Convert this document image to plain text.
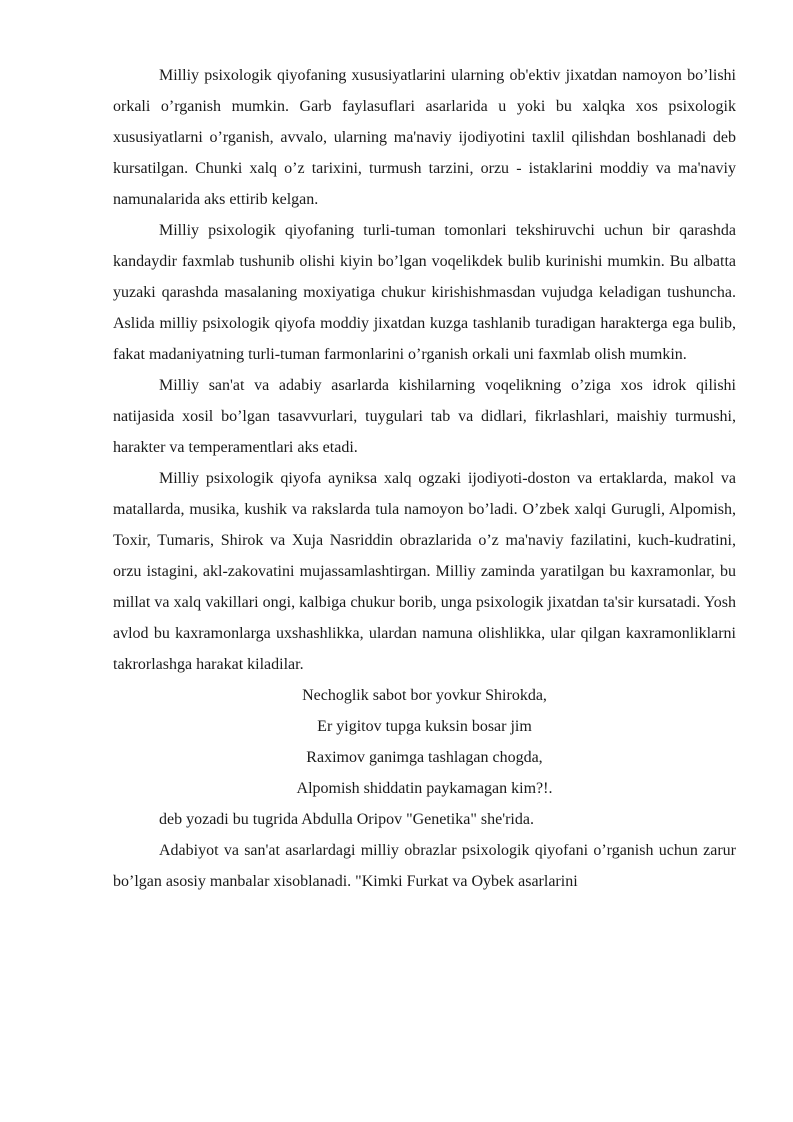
Milliy psixologik qiyofaning xususiyatlarini ularning ob'ektiv jixatdan namoyon bo’lishi orkali o’rganish mumkin. Garb faylasuflari asarlarida u yoki bu xalqka xos psixologik xususiyatlarni o’rganish, avvalo, ularning ma'naviy ijodiyotini taxlil qilishdan boshlanadi deb kursatilgan. Chunki xalq o’z tarixini, turmush tarzini, orzu - istaklarini moddiy va ma'naviy namunalarida aks ettirib kelgan.

Milliy psixologik qiyofaning turli-tuman tomonlari tekshiruvchi uchun bir qarashda kandaydir faxmlab tushunib olishi kiyin bo’lgan voqelikdek bulib kurinishi mumkin. Bu albatta yuzaki qarashda masalaning moxiyatiga chukur kirishishmasdan vujudga keladigan tushuncha. Aslida milliy psixologik qiyofa moddiy jixatdan kuzga tashlanib turadigan harakterga ega bulib, fakat madaniyatning turli-tuman farmonlarini o’rganish orkali uni faxmlab olish mumkin.

Milliy san'at va adabiy asarlarda kishilarning voqelikning o’ziga xos idrok qilishi natijasida xosil bo’lgan tasavvurlari, tuygulari tab va didlari, fikrlashlari, maishiy turmushi, harakter va temperamentlari aks etadi.

Milliy psixologik qiyofa ayniksa xalq ogzaki ijodiyoti-doston va ertaklarda, makol va matallarda, musika, kushik va rakslarda tula namoyon bo’ladi. O’zbek xalqi Gurugli, Alpomish, Toxir, Tumaris, Shirok va Xuja Nasriddin obrazlarida o’z ma'naviy fazilatini, kuch-kudratini, orzu istagini, akl-zakovatini mujassamlashtirgan. Milliy zaminda yaratilgan bu kaxramonlar, bu millat va xalq vakillari ongi, kalbiga chukur borib, unga psixologik jixatdan ta'sir kursatadi. Yosh avlod bu kaxramonlarga uxshashlikka, ulardan namuna olishlikka, ular qilgan kaxramonliklarni takrorlashga harakat kiladilar.

Nechoglik sabot bor yovkur Shirokda,
Er yigitov tupga kuksin bosar jim
Raximov ganimga tashlagan chogda,
Alpomish shiddatin paykamagan kim?!.

deb yozadi bu tugrida Abdulla Oripov "Genetika" she'rida.

Adabiyot va san'at asarlardagi milliy obrazlar psixologik qiyofani o’rganish uchun zarur bo’lgan asosiy manbalar xisoblanadi. "Kimki Furkat va Oybek asarlarini
